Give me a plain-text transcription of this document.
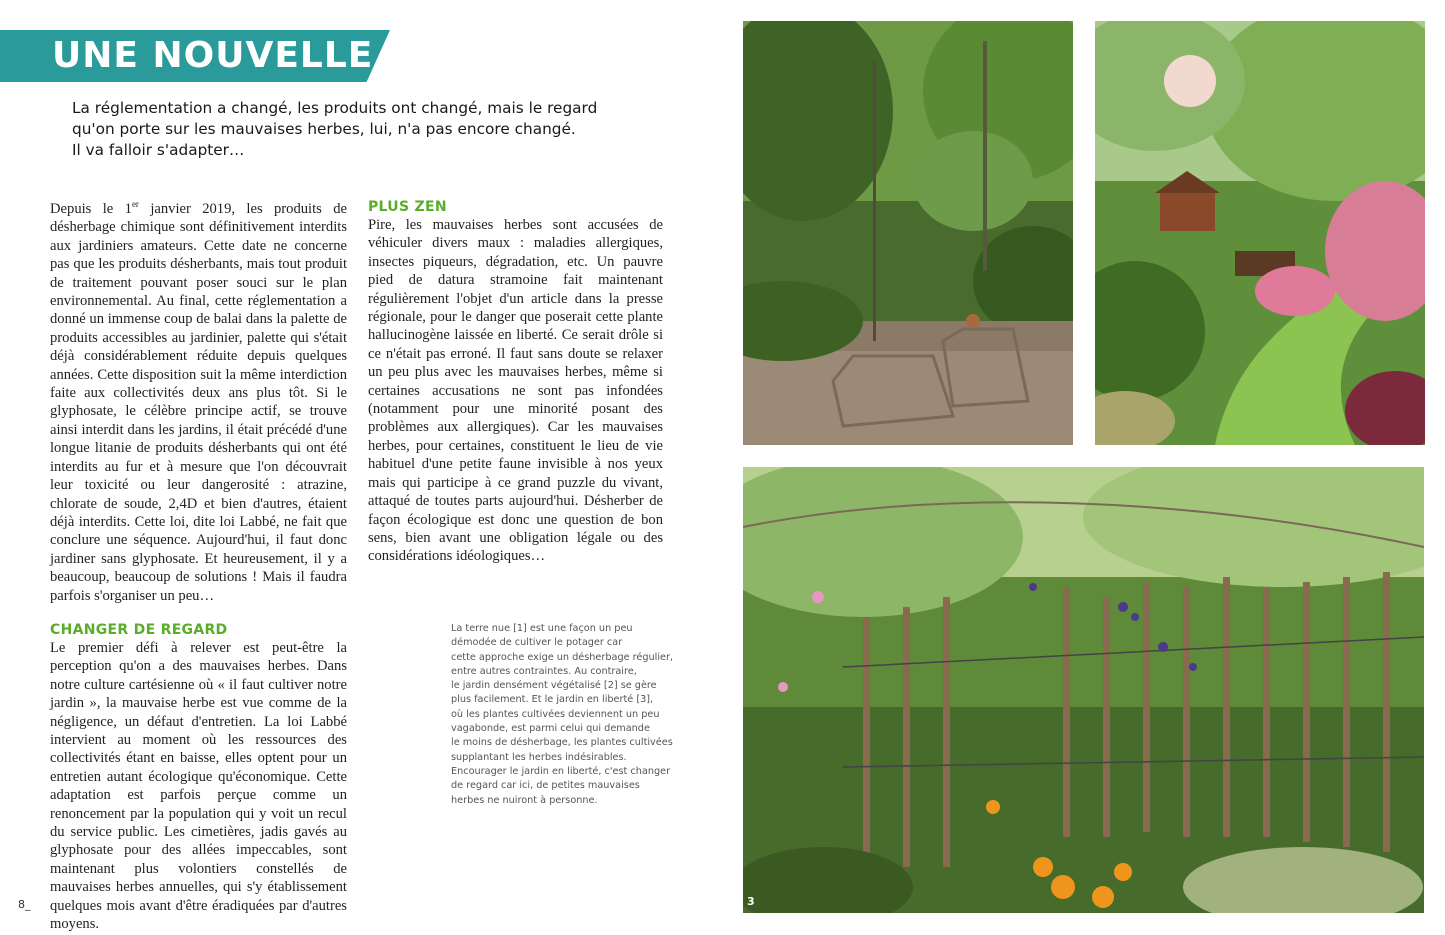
UNE NOUVELLE ÈRE

La réglementation a changé, les produits ont changé, mais le regard

qu'on porte sur les mauvaises herbes, lui, n'a pas encore changé.

Il va falloir s'adapter…

Depuis le 1er janvier 2019, les produits de désherbage chimique sont définitivement interdits aux jardiniers amateurs. Cette date ne concerne pas que les produits désherbants, mais tout produit de traitement pouvant poser souci sur le plan environnemental. Au final, cette réglementation a donné un immense coup de balai dans la palette de produits accessibles au jardinier, palette qui s'était déjà considérablement réduite depuis quelques années. Cette disposition suit la même interdiction faite aux collectivités deux ans plus tôt. Si le glyphosate, le célèbre principe actif, se trouve ainsi interdit dans les jardins, il était précédé d'une longue litanie de produits désherbants qui ont été interdits au fur et à mesure que l'on découvrait leur toxicité ou leur dangerosité : atrazine, chlorate de soude, 2,4D et bien d'autres, étaient déjà interdits. Cette loi, dite loi Labbé, ne fait que conclure une séquence. Aujourd'hui, il faut donc jardiner sans glyphosate. Et heureusement, il y a beaucoup, beaucoup de solutions ! Mais il faudra parfois s'organiser un peu…

CHANGER DE REGARD

Le premier défi à relever est peut-être la perception qu'on a des mauvaises herbes. Dans notre culture cartésienne où « il faut cultiver notre jardin », la mauvaise herbe est vue comme de la négligence, un défaut d'entretien. La loi Labbé intervient au moment où les ressources des collectivités étant en baisse, elles optent pour un entretien autant écologique qu'économique. Cette adaptation est parfois perçue comme un renoncement par la population qui y voit un recul du service public. Les cimetières, jadis gavés au glyphosate pour des allées impeccables, sont maintenant plus volontiers constellés de mauvaises herbes annuelles, qui s'y établissement quelques mois avant d'être éradiquées par d'autres moyens.

PLUS ZEN

Pire, les mauvaises herbes sont accusées de véhiculer divers maux : maladies allergiques, insectes piqueurs, dégradation, etc. Un pauvre pied de datura stramoine fait maintenant régulièrement l'objet d'un article dans la presse régionale, pour le danger que poserait cette plante hallucinogène laissée en liberté. Ce serait drôle si ce n'était pas erroné. Il faut sans doute se relaxer un peu plus avec les mauvaises herbes, même si certaines accusations ne sont pas infondées (notamment pour une minorité posant des problèmes aux allergiques). Car les mauvaises herbes, pour certaines, constituent le lieu de vie habituel d'une petite faune invisible à nos yeux mais qui participe à ce grand puzzle du vivant, attaqué de toutes parts aujourd'hui. Désherber de façon écologique est donc une question de bon sens, bien avant une obligation légale ou des considérations idéologiques…

La terre nue [1] est une façon un peu

démodée de cultiver le potager car

cette approche exige un désherbage régulier,

entre autres contraintes. Au contraire,

le jardin densément végétalisé [2] se gère

plus facilement. Et le jardin en liberté [3],

où les plantes cultivées deviennent un peu

vagabonde, est parmi celui qui demande

le moins de désherbage, les plantes cultivées

supplantant les herbes indésirables.

Encourager le jardin en liberté, c'est changer

de regard car ici, de petites mauvaises

herbes ne nuiront à personne.

8_	3
